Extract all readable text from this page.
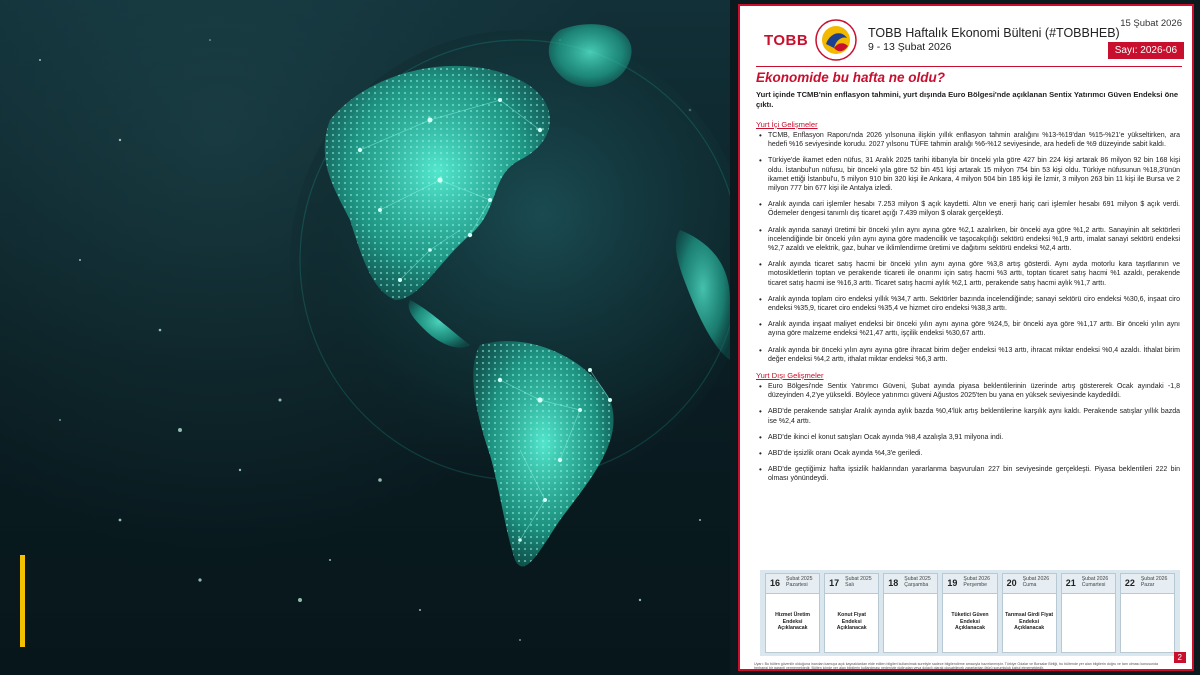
TOBB	TOBB Haftalık Ekonomi Bülteni (#TOBBHEB)
9 - 13 Şubat 2026
15 Şubat 2026
Sayı: 2026-06
Ekonomide bu hafta ne oldu?
Yurt içinde TCMB'nin enflasyon tahmini, yurt dışında Euro Bölgesi'nde açıklanan Sentix Yatırımcı Güven Endeksi öne çıktı.
Yurt İçi Gelişmeler
• TCMB, Enflasyon Raporu'nda 2026 yılsonuna ilişkin yıllık enflasyon tahmin aralığını %13-%19'dan %15-%21'e yükseltirken, ara hedefi %16 seviyesinde korudu. 2027 yılsonu TÜFE tahmin aralığı %6-%12 seviyesinde, ara hedefi de %9 düzeyinde sabit kaldı.
• Türkiye'de ikamet eden nüfus, 31 Aralık 2025 tarihi itibarıyla bir önceki yıla göre 427 bin 224 kişi artarak 86 milyon 92 bin 168 kişi oldu. İstanbul'un nüfusu, bir önceki yıla göre 52 bin 451 kişi artarak 15 milyon 754 bin 53 kişi oldu. Türkiye nüfusunun %18,3'ünün ikamet ettiği İstanbul'u, 5 milyon 910 bin 320 kişi ile Ankara, 4 milyon 504 bin 185 kişi ile İzmir, 3 milyon 263 bin 11 kişi ile Bursa ve 2 milyon 777 bin 677 kişi ile Antalya izledi.
• Aralık ayında cari işlemler hesabı 7.253 milyon $ açık kaydetti. Altın ve enerji hariç cari işlemler hesabı 691 milyon $ açık verdi. Ödemeler dengesi tanımlı dış ticaret açığı 7.439 milyon $ olarak gerçekleşti.
• Aralık ayında sanayi üretimi bir önceki yılın aynı ayına göre %2,1 azalırken, bir önceki aya göre %1,2 arttı. Sanayinin alt sektörleri incelendiğinde bir önceki yılın aynı ayına göre madencilik ve taşocakçılığı sektörü endeksi %1,9 arttı, imalat sanayi sektörü endeksi %2,7 azaldı ve elektrik, gaz, buhar ve iklimlendirme üretimi ve dağıtımı sektörü endeksi %2,4 arttı.
• Aralık ayında ticaret satış hacmi bir önceki yılın aynı ayına göre %3,8 artış gösterdi. Aynı ayda motorlu kara taşıtlarının ve motosikletlerin toptan ve perakende ticareti ile onarımı için satış hacmi %3 arttı, toptan ticaret satış hacmi %1 azaldı, perakende ticaret satış hacmi ise %16,3 arttı. Ticaret satış hacmi aylık %2,1 arttı, perakende satış hacmi aylık %1,7 arttı.
• Aralık ayında toplam ciro endeksi yıllık %34,7 arttı. Sektörler bazında incelendiğinde; sanayi sektörü ciro endeksi %30,6, inşaat ciro endeksi %35,9, ticaret ciro endeksi %35,4 ve hizmet ciro endeksi %38,3 arttı.
• Aralık ayında inşaat maliyet endeksi bir önceki yılın aynı ayına göre %24,5, bir önceki aya göre %1,17 arttı. Bir önceki yılın aynı ayına göre malzeme endeksi %21,47 arttı, işçilik endeksi %30,67 arttı.
• Aralık ayında bir önceki yılın aynı ayına göre ihracat birim değer endeksi %13 arttı, ihracat miktar endeksi %0,4 azaldı. İthalat birim değer endeksi %4,2 arttı, ithalat miktar endeksi %6,3 arttı.
Yurt Dışı Gelişmeler
• Euro Bölgesi'nde Sentix Yatırımcı Güveni, Şubat ayında piyasa beklentilerinin üzerinde artış göstererek Ocak ayındaki -1,8 düzeyinden 4,2'ye yükseldi. Böylece yatırımcı güveni Ağustos 2025'ten bu yana en yüksek seviyesinde kaydedildi.
• ABD'de perakende satışlar Aralık ayında aylık bazda %0,4'lük artış beklentilerine karşılık aynı kaldı. Perakende satışlar yıllık bazda ise %2,4 arttı.
• ABD'de ikinci el konut satışları Ocak ayında %8,4 azalışla 3,91 milyona indi.
• ABD'de işsizlik oranı Ocak ayında %4,3'e geriledi.
• ABD'de geçtiğimiz hafta işsizlik haklarından yararlanma başvuruları 227 bin seviyesinde gerçekleşti. Piyasa beklentileri 222 bin olması yönündeydi.
16 Şubat 2025
Pazartesi
Hizmet Üretim Endeksi Açıklanacak
17 Şubat 2025
Salı
Konut Fiyat Endeksi Açıklanacak
18 Şubat 2025
Çarşamba 19 Şubat 2026
Perşembe
Tüketici Güven Endeksi Açıklanacak
20 Şubat 2026
Cuma
Tarımsal Girdi Fiyat Endeksi Açıklanacak
21 Şubat 2026
Cumartesi	22 Şubat 2026
Pazar
Uyarı: Bu bülten güvenilir olduğuna inanılan kamuya açık kaynaklardan elde edilen bilgileri kullanılmak suretiyle sadece bilgilendirme amacıyla hazırlanmıştır. Türkiye Odalar ve Borsalar Birliği, bu bültende yer alan bilgilerin doğru ve tam olması konusunda herhangi bir garanti vermemektedir. Bülten içinde yer alan bilgilerin kullanılması nedeniyle doğrudan veya dolaylı olarak oluşabilecek zararlardan ötürü sorumluluk kabul etmemektedir.
2
